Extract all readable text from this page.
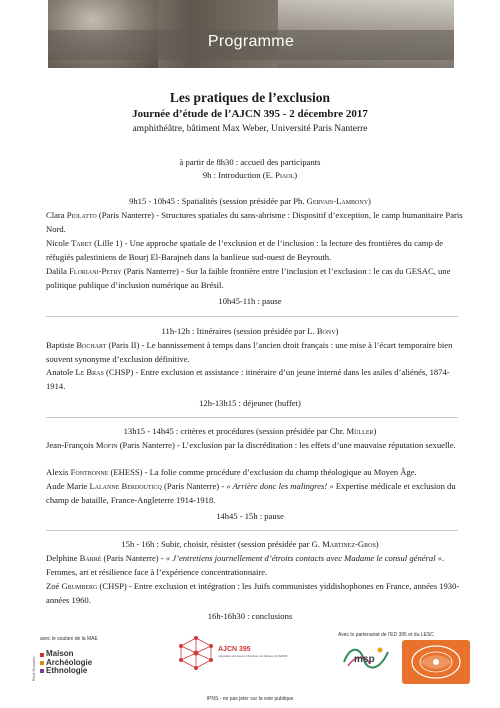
Programme
Les pratiques de l’exclusion
Journée d’étude de l’AJCN 395 - 2 décembre 2017
amphithéâtre, bâtiment Max Weber, Université Paris Nanterre
à partir de 8h30 : accueil des participants
9h : Introduction (E. Piaol)
9h15 - 10h45 : Spatialités (session présidée par Ph. Gervais-Lambony)
Clara Piolatto (Paris Nanterre) - Structures spatiales du sans-abrisme : Dispositif d’exception, le camp humanitaire Paris Nord.
Nicole Tabet (Lille 1) - Une approche spatiale de l’exclusion et de l’inclusion : la lecture des frontières du camp de réfugiés palestiniens de Bourj El-Barajneh dans la banlieue sud-ouest de Beyrouth.
Dalila Floriani-Petry (Paris Nanterre) - Sur la faible frontière entre l’inclusion et l’exclusion : le cas du GESAC, une politique publique d’inclusion numérique au Brésil.
10h45-11h : pause
11h-12h : Itinéraires (session présidée par L. Bonv)
Baptiste Bochart (Paris II) - Le bannissement à temps dans l’ancien droit français : une mise à l’écart temporaire bien souvent synonyme d’exclusion définitive.
Anatole Le Bras (CHSP) - Entre exclusion et assistance : itinéraire d’un jeune interné dans les asiles d’aliénés, 1874-1914.
12h-13h15 : déjeuner (buffet)
13h15 - 14h45 : critères et procédures (session présidée par Chr. Müller)
Jean-François Mofin (Paris Nanterre) - L’exclusion par la discréditation : les effets d’une mauvaise réputation sexuelle.
Alexis Fontbonne (EHESS) - La folie comme procédure d’exclusion du champ théologique au Moyen Âge.
Aude Marie Lalanne Berdouticq (Paris Nanterre) - « Arrière donc les malingres! » Expertise médicale et exclusion du champ de bataille, France-Angleterre 1914-1918.
14h45 - 15h : pause
15h - 16h : Subir, choisir, résister (session présidée par G. Martinez-Gros)
Delphine Barré (Paris Nanterre) - « J’entretiens journellement d’étroits contacts avec Madame le consul général ». Femmes, art et résilience face à l’expérience concentrationnaire.
Zoé Grumberg (CHSP) - Entre exclusion et intégration : les Juifs communistes yiddishophones en France, années 1930-années 1960.
16h-16h30 : conclusions
avec le soutien de la MAE
René-Ginouvès
Maison
Archéologie
Ethnologie
AJCN 395
Association des Jeunes Chercheurs de Nanterre de l’ED395
Avec le partenariat de l’ED 395 et du LESC
msp
IPNS - ne pas jeter sur la voie publique
